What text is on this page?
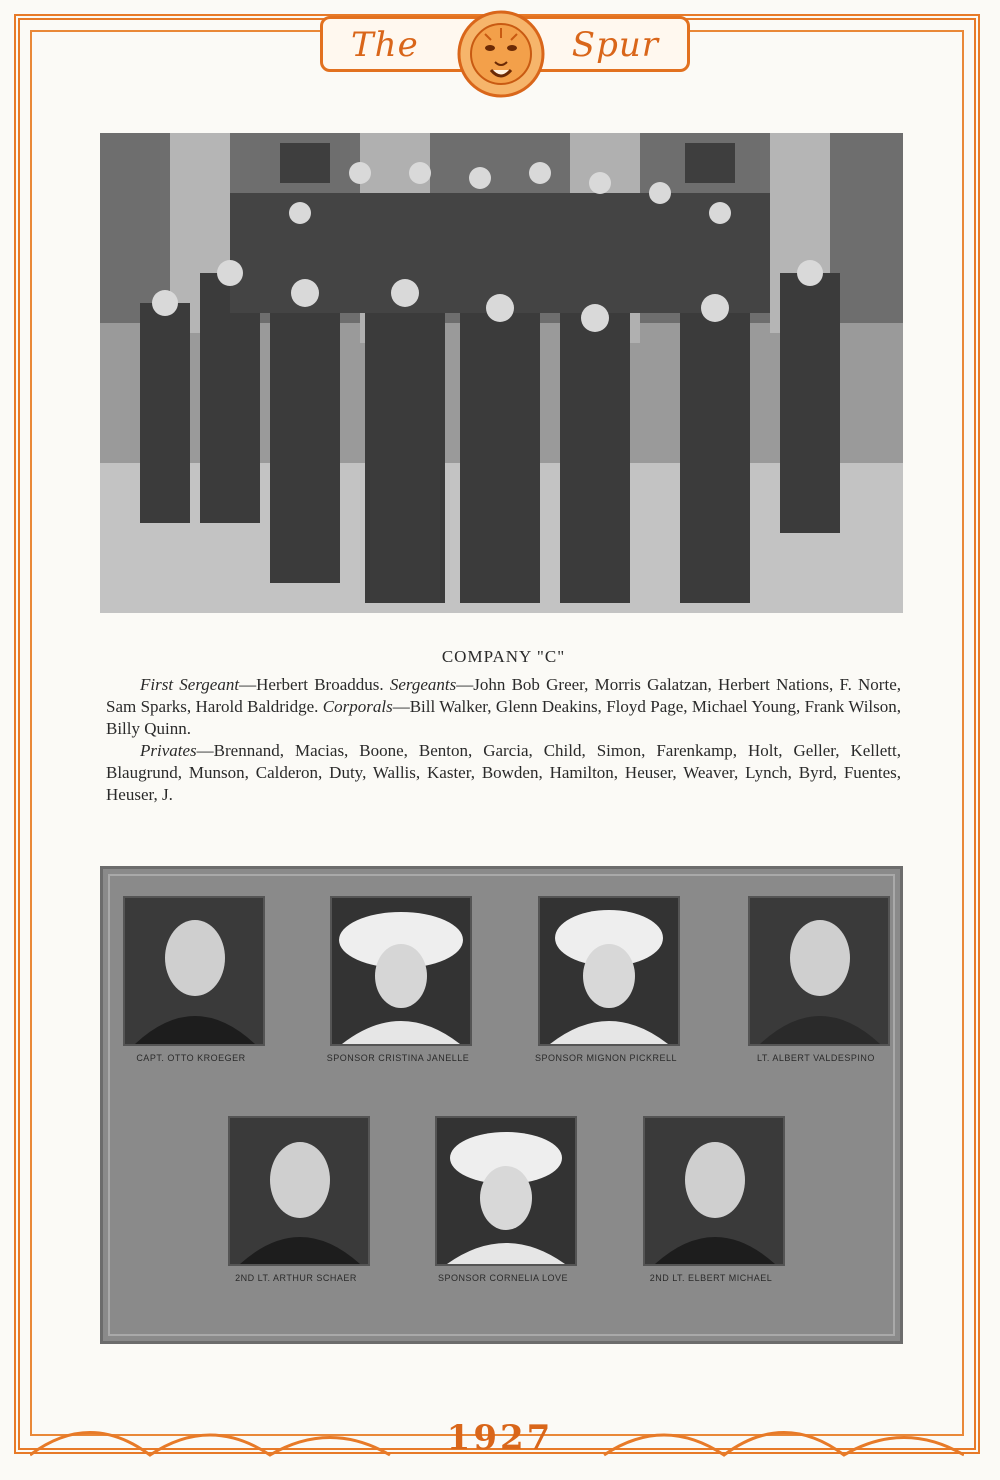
The	Spur
COMPANY "C"

First Sergeant—Herbert Broaddus. Sergeants—John Bob Greer, Morris Galatzan, Herbert Nations, F. Norte, Sam Sparks, Harold Baldridge. Corporals—Bill Walker, Glenn Deakins, Floyd Page, Michael Young, Frank Wilson, Billy Quinn.

Privates—Brennand, Macias, Boone, Benton, Garcia, Child, Simon, Farenkamp, Holt, Geller, Kellett, Blaugrund, Munson, Calderon, Duty, Wallis, Kaster, Bowden, Hamilton, Heuser, Weaver, Lynch, Byrd, Fuentes, Heuser, J.

CAPT. OTTO KROEGER	SPONSOR CRISTINA JANELLE	SPONSOR MIGNON PICKRELL	LT. ALBERT VALDESPINO
2ND LT. ARTHUR SCHAER	SPONSOR CORNELIA LOVE	2ND LT. ELBERT MICHAEL
1927
